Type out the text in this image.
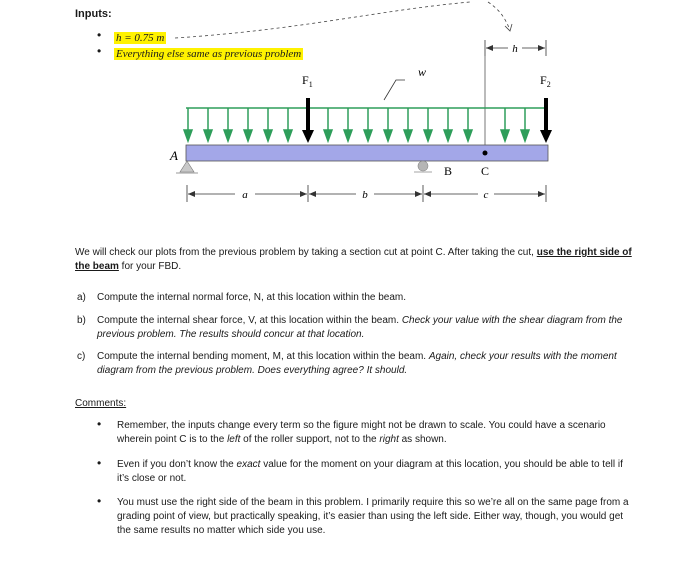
Inputs:
• h = 0.75 m
• Everything else same as previous problem	h
w
$F_1$	$F_2$
A
B C
a	b	c
We will check our plots from the previous problem by taking a section cut at point C. After taking the cut, use the right side of the beam for your FBD.
a) Compute the internal normal force, N, at this location within the beam.
b) Compute the internal shear force, V, at this location within the beam. Check your value with the shear diagram from the previous problem. The results should concur at that location.
c) Compute the internal bending moment, M, at this location within the beam. Again, check your results with the moment diagram from the previous problem. Does everything agree? It should.
Comments:
• Remember, the inputs change every term so the figure might not be drawn to scale. You could have a scenario wherein point C is to the left of the roller support, not to the right as shown.
• Even if you don’t know the exact value for the moment on your diagram at this location, you should be able to tell if it’s close or not.
• You must use the right side of the beam in this problem. I primarily require this so we’re all on the same page from a grading point of view, but practically speaking, it’s easier than using the left side. Either way, though, you would get the same results no matter which side you use.
